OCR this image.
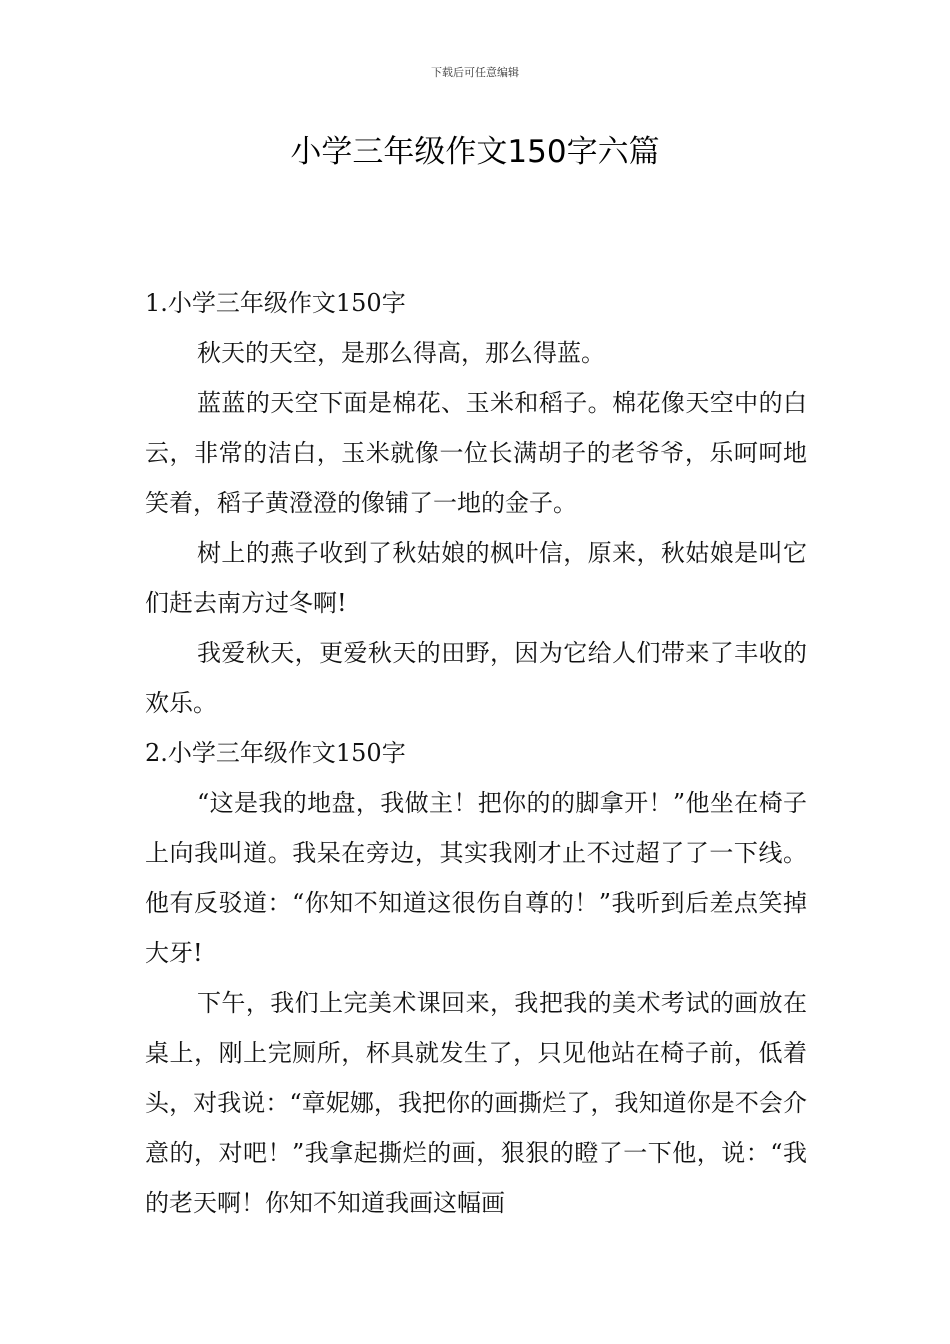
下载后可任意编辑
小学三年级作文150字六篇

1.小学三年级作文150字

秋天的天空，是那么得高，那么得蓝。

蓝蓝的天空下面是棉花、玉米和稻子。棉花像天空中的白云，非常的洁白，玉米就像一位长满胡子的老爷爷，乐呵呵地笑着，稻子黄澄澄的像铺了一地的金子。

树上的燕子收到了秋姑娘的枫叶信，原来，秋姑娘是叫它们赶去南方过冬啊!

我爱秋天，更爱秋天的田野，因为它给人们带来了丰收的欢乐。

2.小学三年级作文150字

“这是我的地盘，我做主！把你的的脚拿开！”他坐在椅子上向我叫道。我呆在旁边，其实我刚才止不过超了了一下线。他有反驳道：“你知不知道这很伤自尊的！”我听到后差点笑掉大牙!

下午，我们上完美术课回来，我把我的美术考试的画放在桌上，刚上完厕所，杯具就发生了，只见他站在椅子前，低着头，对我说：“章妮娜，我把你的画撕烂了，我知道你是不会介意的，对吧！”我拿起撕烂的画，狠狠的瞪了一下他，说：“我的老天啊！你知不知道我画这幅画
